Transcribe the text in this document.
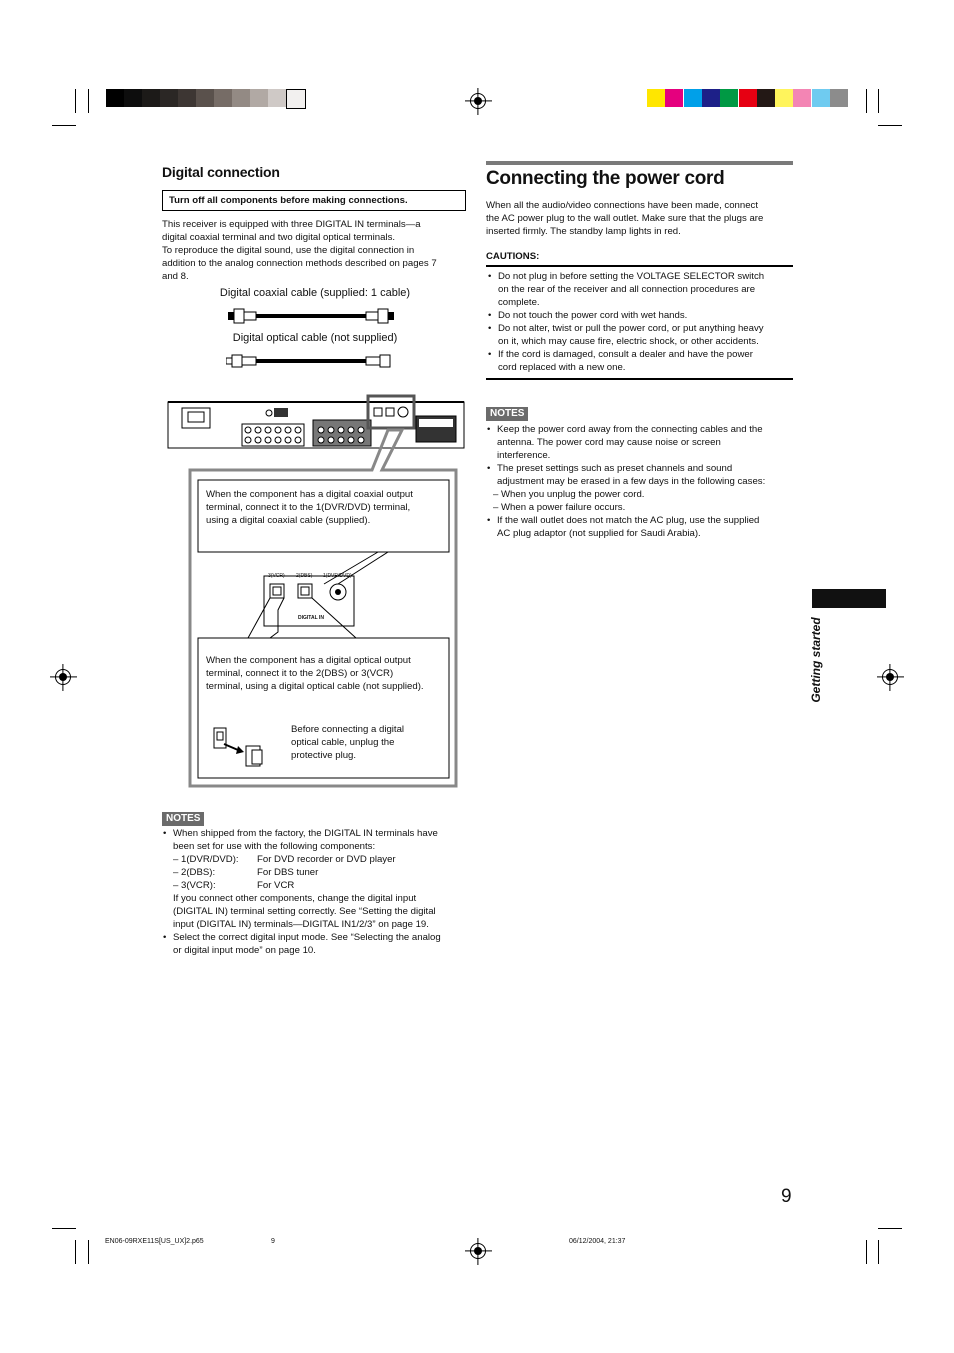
Digital connection
Turn off all components before making connections.
This receiver is equipped with three DIGITAL IN terminals—a
digital coaxial terminal and two digital optical terminals.
To reproduce the digital sound, use the digital connection in
addition to the analog connection methods described on pages 7
and 8.
Digital coaxial cable (supplied: 1 cable)
Digital optical cable (not supplied)
3(VCR) 2(DBS) 1(DVR/DVD)
DIGITAL IN
When the component has a digital coaxial output
terminal, connect it to the 1(DVR/DVD) terminal,
using a digital coaxial cable (supplied).
When the component has a digital optical output
terminal, connect it to the 2(DBS) or 3(VCR)
terminal, using a digital optical cable (not supplied).
Before connecting a digital
optical cable, unplug the
protective plug.
NOTES
• When shipped from the factory, the DIGITAL IN terminals have
been set for use with the following components:
– 1(DVR/DVD):	For DVD recorder or DVD player
– 2(DBS):	For DBS tuner
– 3(VCR):	For VCR
If you connect other components, change the digital input
(DIGITAL IN) terminal setting correctly. See “Setting the digital
input (DIGITAL IN) terminals—DIGITAL IN1/2/3” on page 19.
• Select the correct digital input mode. See “Selecting the analog
or digital input mode” on page 10.
Connecting the power cord
When all the audio/video connections have been made, connect
the AC power plug to the wall outlet. Make sure that the plugs are
inserted firmly. The standby lamp lights in red.
CAUTIONS:
• Do not plug in before setting the VOLTAGE SELECTOR switch
on the rear of the receiver and all connection procedures are
complete.
• Do not touch the power cord with wet hands.
• Do not alter, twist or pull the power cord, or put anything heavy
on it, which may cause fire, electric shock, or other accidents.
• If the cord is damaged, consult a dealer and have the power
cord replaced with a new one.
NOTES
• Keep the power cord away from the connecting cables and the
antenna. The power cord may cause noise or screen
interference.
• The preset settings such as preset channels and sound
adjustment may be erased in a few days in the following cases:
– When you unplug the power cord.
– When a power failure occurs.
• If the wall outlet does not match the AC plug, use the supplied
AC plug adaptor (not supplied for Saudi Arabia).
Getting started
9
EN06-09RXE11S[US_UX]2.p65	9	06/12/2004, 21:37
